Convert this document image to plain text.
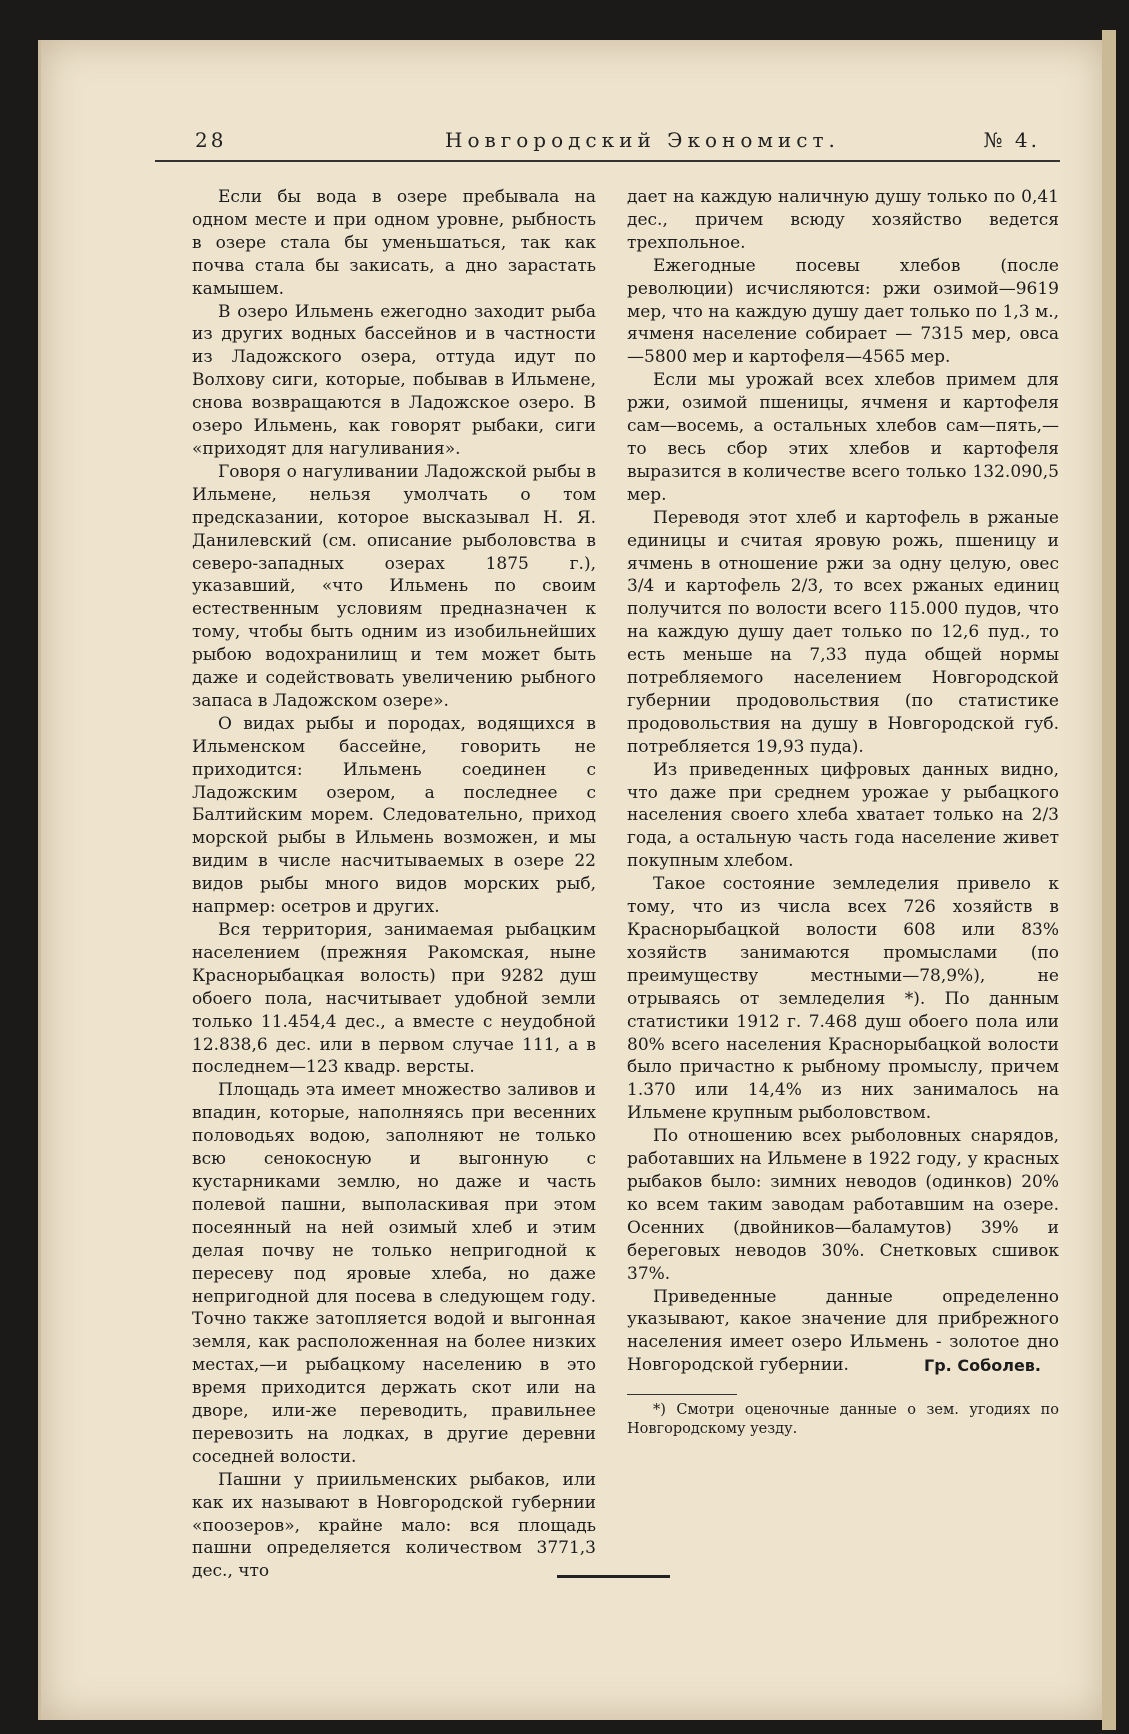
28	Новгородский Экономист.	№ 4.

Если бы вода в озере пребывала на одном месте и при одном уровне, рыбность в озере стала бы уменьшаться, так как почва стала бы закисать, а дно зарастать камышем.

В озеро Ильмень ежегодно заходит рыба из других водных бассейнов и в частности из Ладожского озера, оттуда идут по Волхову сиги, которые, побывав в Ильмене, снова возвращаются в Ладожское озеро. В озеро Ильмень, как говорят рыбаки, сиги «приходят для нагуливания».

Говоря о нагуливании Ладожской рыбы в Ильмене, нельзя умолчать о том предсказании, которое высказывал Н. Я. Данилевский (см. описание рыболовства в северо-западных озерах 1875 г.), указавший, «что Ильмень по своим естественным условиям предназначен к тому, чтобы быть одним из изобильнейших рыбою водохранилищ и тем может быть даже и содействовать увеличению рыбного запаса в Ладожском озере».

О видах рыбы и породах, водящихся в Ильменском бассейне, говорить не приходится: Ильмень соединен с Ладожским озером, а последнее с Балтийским морем. Следовательно, приход морской рыбы в Ильмень возможен, и мы видим в числе насчитываемых в озере 22 видов рыбы много видов морских рыб, напрмер: осетров и других.

Вся территория, занимаемая рыбацким населением (прежняя Ракомская, ныне Краснорыбацкая волость) при 9282 душ обоего пола, насчитывает удобной земли только 11.454,4 дес., а вместе с неудобной 12.838,6 дес. или в первом случае 111, а в последнем—123 квадр. версты.

Площадь эта имеет множество заливов и впадин, которые, наполняясь при весенних половодьях водою, заполняют не только всю сенокосную и выгонную с кустарниками землю, но даже и часть полевой пашни, выполаскивая при этом посеянный на ней озимый хлеб и этим делая почву не только непригодной к пересеву под яровые хлеба, но даже непригодной для посева в следующем году. Точно также затопляется водой и выгонная земля, как расположенная на более низких местах,—и рыбацкому населению в это время приходится держать скот или на дворе, или-же переводить, правильнее перевозить на лодках, в другие деревни соседней волости.

Пашни у приильменских рыбаков, или как их называют в Новгородской губернии «поозеров», крайне мало: вся площадь пашни определяется количеством 3771,3 дес., что

дает на каждую наличную душу только по 0,41 дес., причем всюду хозяйство ведется трехпольное.

Ежегодные посевы хлебов (после революции) исчисляются: ржи озимой—9619 мер, что на каждую душу дает только по 1,3 м., ячменя население собирает — 7315 мер, овса—5800 мер и картофеля—4565 мер.

Если мы урожай всех хлебов примем для ржи, озимой пшеницы, ячменя и картофеля сам—восемь, а остальных хлебов сам—пять,—то весь сбор этих хлебов и картофеля выразится в количестве всего только 132.090,5 мер.

Переводя этот хлеб и картофель в ржаные единицы и считая яровую рожь, пшеницу и ячмень в отношение ржи за одну целую, овес 3/4 и картофель 2/3, то всех ржаных единиц получится по волости всего 115.000 пудов, что на каждую душу дает только по 12,6 пуд., то есть меньше на 7,33 пуда общей нормы потребляемого населением Новгородской губернии продовольствия (по статистике продовольствия на душу в Новгородской губ. потребляется 19,93 пуда).

Из приведенных цифровых данных видно, что даже при среднем урожае у рыбацкого населения своего хлеба хватает только на 2/3 года, а остальную часть года население живет покупным хлебом.

Такое состояние земледелия привело к тому, что из числа всех 726 хозяйств в Краснорыбацкой волости 608 или 83% хозяйств занимаются промыслами (по преимуществу местными—78,9%), не отрываясь от земледелия *). По данным статистики 1912 г. 7.468 душ обоего пола или 80% всего населения Краснорыбацкой волости было причастно к рыбному промыслу, причем 1.370 или 14,4% из них занималось на Ильмене крупным рыболовством.

По отношению всех рыболовных снарядов, работавших на Ильмене в 1922 году, у красных рыбаков было: зимних неводов (одинков) 20% ко всем таким заводам работавшим на озере. Осенних (двойников—баламутов) 39% и береговых неводов 30%. Снетковых сшивок 37%.

Приведенные данные определенно указывают, какое значение для прибрежного населения имеет озеро Ильмень - золотое дно Новгородской губернии.	Гр. Соболев.
*) Смотри оценочные данные о зем. угодиях по Новгородскому уезду.
